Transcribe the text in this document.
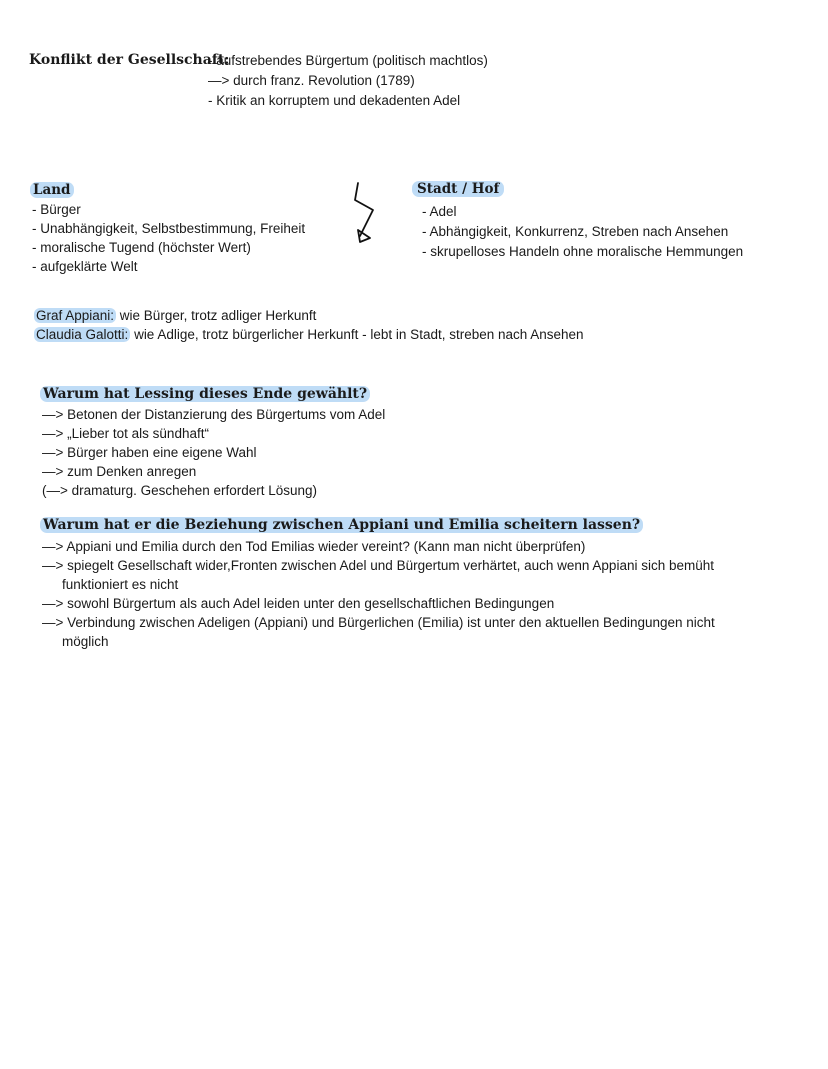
Konflikt der Gesellschaft:
- aufstrebendes Bürgertum (politisch machtlos)
—> durch franz. Revolution (1789)
- Kritik an korruptem und dekadenten Adel
Land
- Bürger
- Unabhängigkeit, Selbstbestimmung, Freiheit
- moralische Tugend (höchster Wert)
- aufgeklärte Welt
Stadt / Hof
- Adel
- Abhängigkeit, Konkurrenz, Streben nach Ansehen
- skrupelloses Handeln ohne moralische Hemmungen
Graf Appiani: wie Bürger, trotz adliger Herkunft
Claudia Galotti: wie Adlige, trotz bürgerlicher Herkunft - lebt in Stadt, streben nach Ansehen
Warum hat Lessing dieses Ende gewählt?
—> Betonen der Distanzierung des Bürgertums vom Adel
—> „Lieber tot als sündhaft“
—> Bürger haben eine eigene Wahl
—> zum Denken anregen
(—> dramaturg. Geschehen erfordert Lösung)
Warum hat er die Beziehung zwischen Appiani und Emilia scheitern lassen?
—> Appiani und Emilia durch den Tod Emilias wieder vereint? (Kann man nicht überprüfen)
—> spiegelt Gesellschaft wider,Fronten zwischen Adel und Bürgertum verhärtet, auch wenn Appiani sich bemüht
funktioniert es nicht
—> sowohl Bürgertum als auch Adel leiden unter den gesellschaftlichen Bedingungen
—> Verbindung zwischen Adeligen (Appiani) und Bürgerlichen (Emilia) ist unter den aktuellen Bedingungen nicht
möglich
